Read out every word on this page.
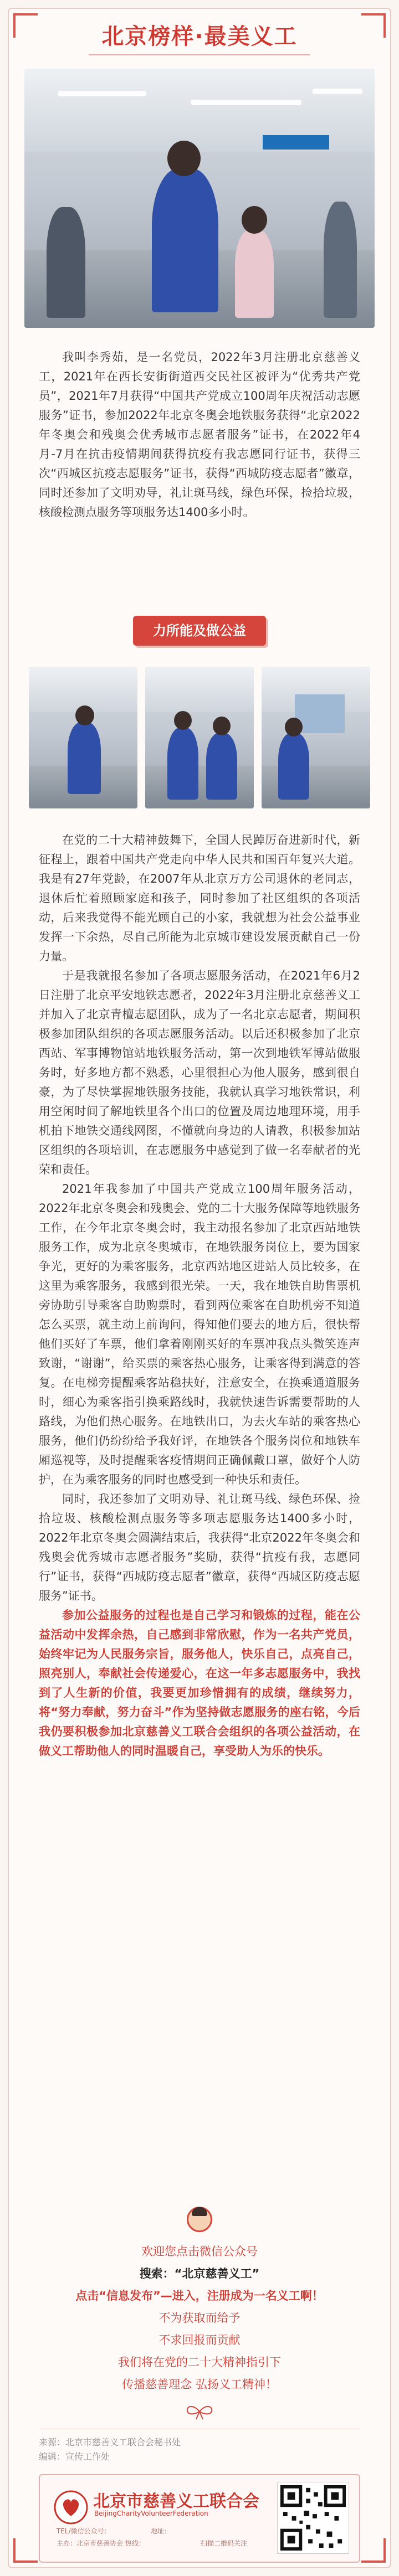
北京榜样·最美义工

我叫李秀茹，是一名党员，2022年3月注册北京慈善义工，2021年在西长安街街道西交民社区被评为“优秀共产党员”，2021年7月获得“中国共产党成立100周年庆祝活动志愿服务”证书，参加2022年北京冬奥会地铁服务获得“北京2022年冬奥会和残奥会优秀城市志愿者服务”证书，在2022年4月-7月在抗击疫情期间获得抗疫有我志愿同行证书，获得三次“西城区抗疫志愿服务”证书，获得“西城防疫志愿者”徽章，同时还参加了文明劝导，礼让斑马线，绿色环保，捡拾垃圾，核酸检测点服务等项服务达1400多小时。

力所能及做公益

在党的二十大精神鼓舞下，全国人民踔厉奋进新时代，新征程上，跟着中国共产党走向中华人民共和国百年复兴大道。我是有27年党龄，在2007年从北京万方公司退休的老同志，退休后忙着照顾家庭和孩子，同时参加了社区组织的各项活动，后来我觉得不能光顾自己的小家，我就想为社会公益事业发挥一下余热，尽自己所能为北京城市建设发展贡献自己一份力量。

于是我就报名参加了各项志愿服务活动，在2021年6月2日注册了北京平安地铁志愿者，2022年3月注册北京慈善义工并加入了北京青檀志愿团队，成为了一名北京志愿者，期间积极参加团队组织的各项志愿服务活动。以后还积极参加了北京西站、军事博物馆站地铁服务活动，第一次到地铁军博站做服务时，好多地方都不熟悉，心里很担心为他人服务，感到很自豪，为了尽快掌握地铁服务技能，我就认真学习地铁常识，利用空闲时间了解地铁里各个出口的位置及周边地理环境，用手机拍下地铁交通线网图，不懂就向身边的人请教，积极参加站区组织的各项培训，在志愿服务中感觉到了做一名奉献者的光荣和责任。

2021年我参加了中国共产党成立100周年服务活动，2022年北京冬奥会和残奥会、党的二十大服务保障等地铁服务工作，在今年北京冬奥会时，我主动报名参加了北京西站地铁服务工作，成为北京冬奥城市，在地铁服务岗位上，要为国家争光，更好的为乘客服务，北京西站地区进站人员比较多，在这里为乘客服务，我感到很光荣。一天，我在地铁自助售票机旁协助引导乘客自助购票时，看到两位乘客在自助机旁不知道怎么买票，就主动上前询问，得知他们要去的地方后，很快帮他们买好了车票，他们拿着刚刚买好的车票冲我点头微笑连声致谢，“谢谢”，给买票的乘客热心服务，让乘客得到满意的答复。在电梯旁提醒乘客站稳扶好，注意安全，在换乘通道服务时，细心为乘客指引换乘路线时，我就快速告诉需要帮助的人路线，为他们热心服务。在地铁出口，为去火车站的乘客热心服务，他们仍纷纷给予我好评，在地铁各个服务岗位和地铁车厢巡视等，及时提醒乘客疫情期间正确佩戴口罩，做好个人防护，在为乘客服务的同时也感受到一种快乐和责任。

同时，我还参加了文明劝导、礼让斑马线、绿色环保、捡拾垃圾、核酸检测点服务等多项志愿服务达1400多小时，2022年北京冬奥会圆满结束后，我获得“北京2022年冬奥会和残奥会优秀城市志愿者服务”奖励，获得“抗疫有我，志愿同行”证书，获得“西城防疫志愿者”徽章，获得“西城区防疫志愿服务”证书。

参加公益服务的过程也是自己学习和锻炼的过程，能在公益活动中发挥余热，自己感到非常欣慰，作为一名共产党员，始终牢记为人民服务宗旨，服务他人，快乐自己，点亮自己，照亮别人，奉献社会传递爱心，在这一年多志愿服务中，我找到了人生新的价值，我要更加珍惜拥有的成绩，继续努力，将“努力奉献，努力奋斗”作为坚持做志愿服务的座右铭，今后我仍要积极参加北京慈善义工联合会组织的各项公益活动，在做义工帮助他人的同时温暖自己，享受助人为乐的快乐。

欢迎您点击微信公众号
搜索：“北京慈善义工”
点击“信息发布”—进入，注册成为一名义工啊！
不为获取而给予
不求回报而贡献
我们将在党的二十大精神指引下
传播慈善理念 弘扬义工精神！
来源：北京市慈善义工联合会秘书处
编辑：宣传工作处
北京市慈善义工联合会
BeijingCharityVolunteerFederation
TEL/微信公众号：	地址：
主办：北京市慈善协会 热线：	扫描二维码关注
